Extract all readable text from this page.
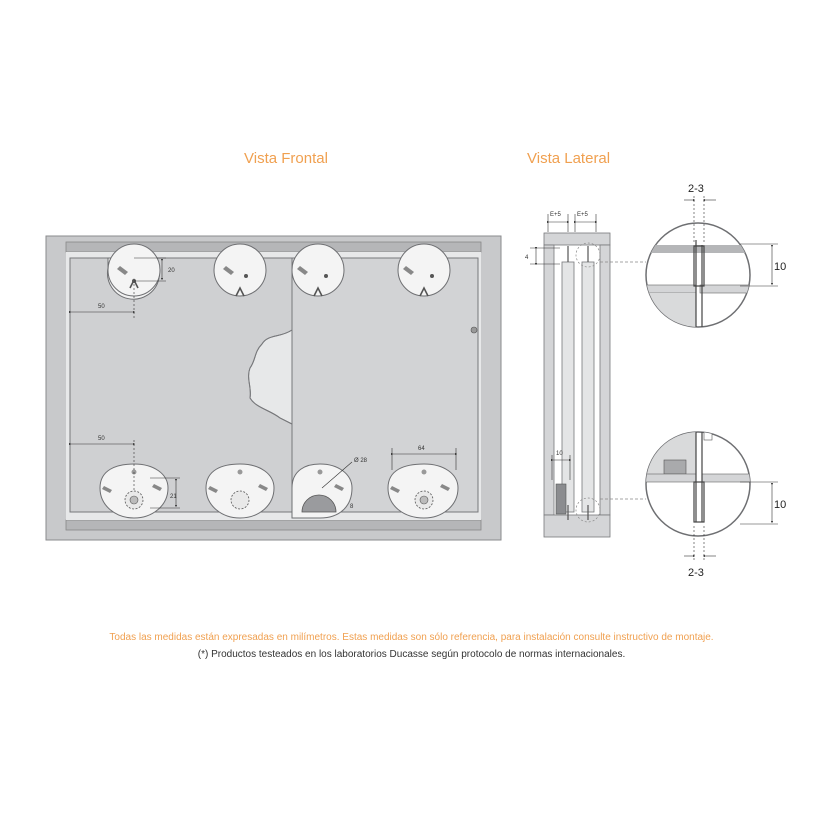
Vista Frontal	Vista Lateral
20
50
50
21
64
Ø 28
8
E+5	E+5
4
10
2-3
10
2-3
10
Todas las medidas están expresadas en milímetros. Estas medidas son sólo referencia, para instalación consulte instructivo de montaje.
(*) Productos testeados en los laboratorios Ducasse según protocolo de normas internacionales.
